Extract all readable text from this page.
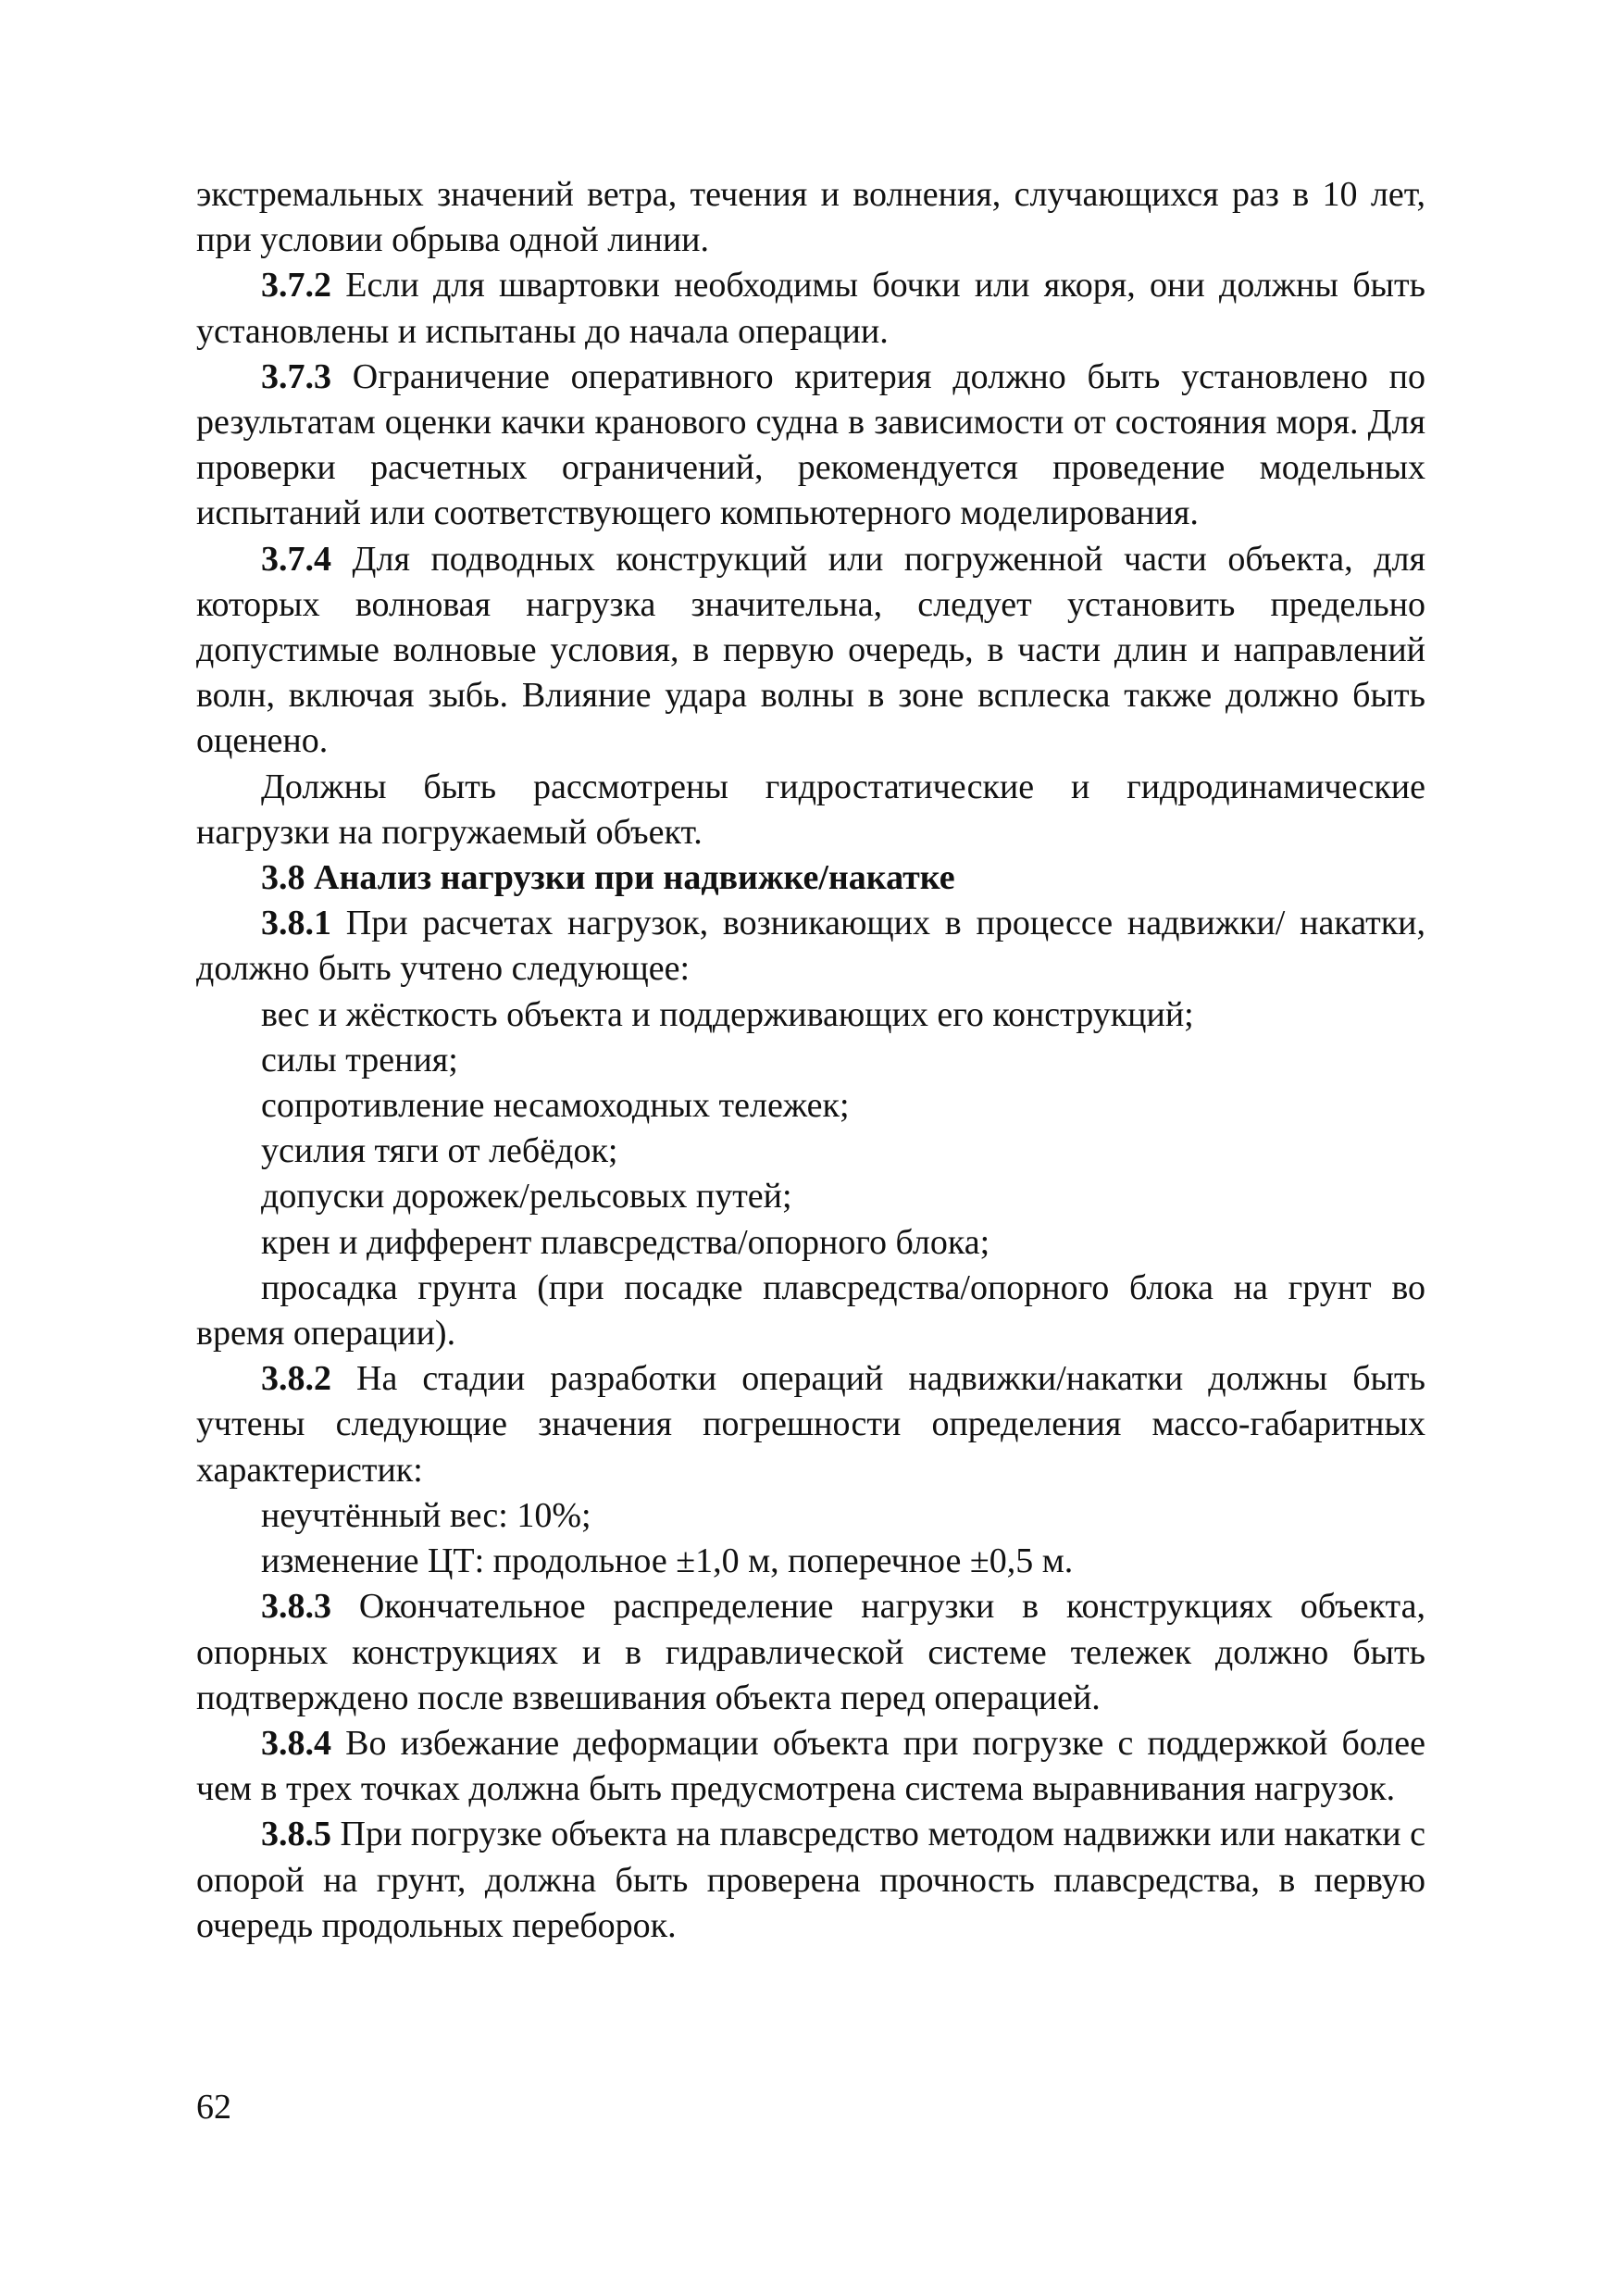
экстремальных значений ветра, течения и волнения, случающихся раз в 10 лет, при условии обрыва одной линии.

3.7.2 Если для швартовки необходимы бочки или якоря, они должны быть установлены и испытаны до начала операции.

3.7.3 Ограничение оперативного критерия должно быть установлено по результатам оценки качки кранового судна в зависимости от состояния моря. Для проверки расчетных ограничений, рекомендуется проведение модельных испытаний или соответствующего компьютерного моделирования.

3.7.4 Для подводных конструкций или погруженной части объекта, для которых волновая нагрузка значительна, следует установить предельно допустимые волновые условия, в первую очередь, в части длин и направлений волн, включая зыбь. Влияние удара волны в зоне всплеска также должно быть оценено.

Должны быть рассмотрены гидростатические и гидродинамические нагрузки на погружаемый объект.

3.8 Анализ нагрузки при надвижке/накатке

3.8.1 При расчетах нагрузок, возникающих в процессе надвижки/ накатки, должно быть учтено следующее:

вес и жёсткость объекта и поддерживающих его конструкций;

силы трения;

сопротивление несамоходных тележек;

усилия тяги от лебёдок;

допуски дорожек/рельсовых путей;

крен и дифферент плавсредства/опорного блока;

просадка грунта (при посадке плавсредства/опорного блока на грунт во время операции).

3.8.2 На стадии разработки операций надвижки/накатки должны быть учтены следующие значения погрешности определения массо-габаритных характеристик:

неучтённый вес: 10%;

изменение ЦТ: продольное ±1,0 м, поперечное ±0,5 м.

3.8.3 Окончательное распределение нагрузки в конструкциях объекта, опорных конструкциях и в гидравлической системе тележек должно быть подтверждено после взвешивания объекта перед операцией.

3.8.4 Во избежание деформации объекта при погрузке с поддержкой более чем в трех точках должна быть предусмотрена система выравнивания нагрузок.

3.8.5 При погрузке объекта на плавсредство методом надвижки или накатки с опорой на грунт, должна быть проверена прочность плавсредства, в первую очередь продольных переборок.

62
